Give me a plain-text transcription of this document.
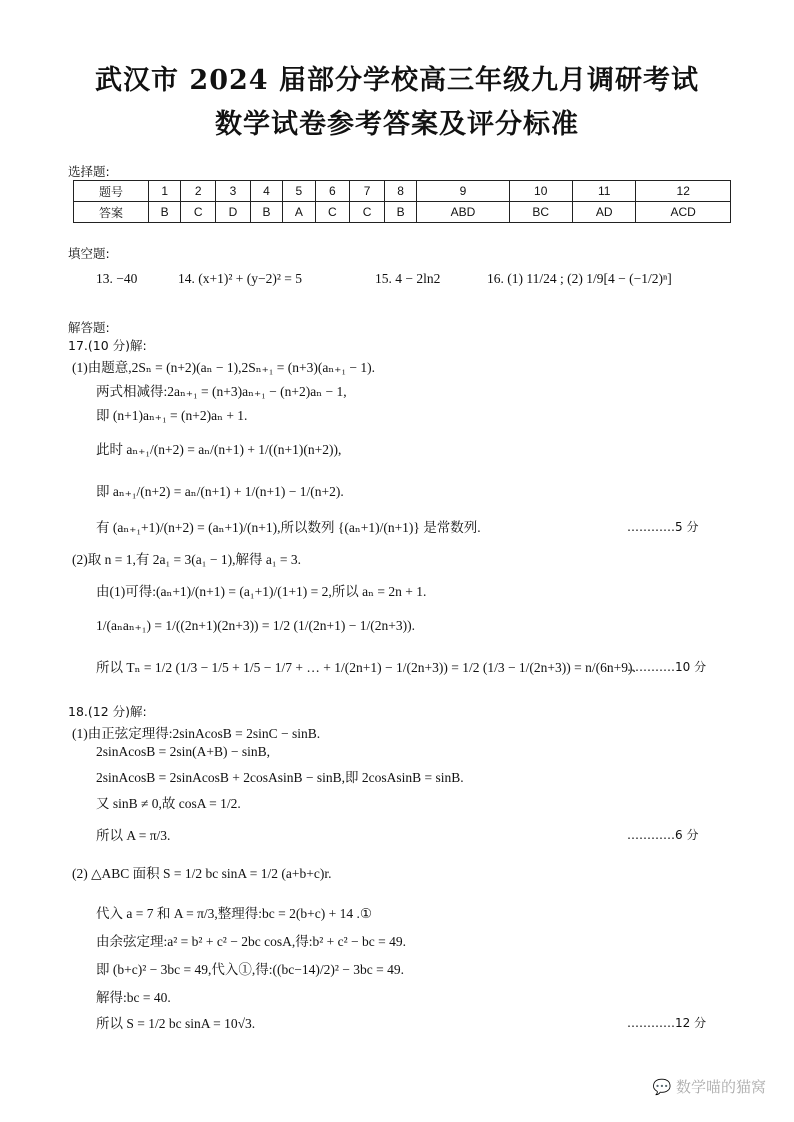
武汉市 2024 届部分学校高三年级九月调研考试
数学试卷参考答案及评分标准
选择题:
题号	1	2	3	4	5	6	7	8	9	10	11	12
答案	B	C	D	B	A	C	C	B	ABD	BC	AD	ACD
填空题:
13. −40	14. (x+1)² + (y−2)² = 5	15. 4 − 2ln2	16. (1) 11/24 ; (2) 1/9[4 − (−1/2)ⁿ]
解答题:
17.(10 分)解:
(1)由题意,2Sₙ = (n+2)(aₙ − 1),2Sₙ₊₁ = (n+3)(aₙ₊₁ − 1).
两式相减得:2aₙ₊₁ = (n+3)aₙ₊₁ − (n+2)aₙ − 1,
即 (n+1)aₙ₊₁ = (n+2)aₙ + 1.
此时 aₙ₊₁/(n+2) = aₙ/(n+1) + 1/((n+1)(n+2)),
即 aₙ₊₁/(n+2) = aₙ/(n+1) + 1/(n+1) − 1/(n+2).
有 (aₙ₊₁+1)/(n+2) = (aₙ+1)/(n+1),所以数列 {(aₙ+1)/(n+1)} 是常数列.	…………5 分
(2)取 n = 1,有 2a₁ = 3(a₁ − 1),解得 a₁ = 3.
由(1)可得:(aₙ+1)/(n+1) = (a₁+1)/(1+1) = 2,所以 aₙ = 2n + 1.
1/(aₙaₙ₊₁) = 1/((2n+1)(2n+3)) = 1/2 (1/(2n+1) − 1/(2n+3)).
所以 Tₙ = 1/2 (1/3 − 1/5 + 1/5 − 1/7 + … + 1/(2n+1) − 1/(2n+3)) = 1/2 (1/3 − 1/(2n+3)) = n/(6n+9).
…………10 分
18.(12 分)解:
(1)由正弦定理得:2sinAcosB = 2sinC − sinB.
2sinAcosB = 2sin(A+B) − sinB,
2sinAcosB = 2sinAcosB + 2cosAsinB − sinB,即 2cosAsinB = sinB.
又 sinB ≠ 0,故 cosA = 1/2.
所以 A = π/3.	…………6 分
(2) △ABC 面积 S = 1/2 bc sinA = 1/2 (a+b+c)r.
代入 a = 7 和 A = π/3,整理得:bc = 2(b+c) + 14 .①
由余弦定理:a² = b² + c² − 2bc cosA,得:b² + c² − bc = 49.
即 (b+c)² − 3bc = 49,代入①,得:((bc−14)/2)² − 3bc = 49.
解得:bc = 40.
所以 S = 1/2 bc sinA = 10√3.	…………12 分
💬 数学喵的猫窝
